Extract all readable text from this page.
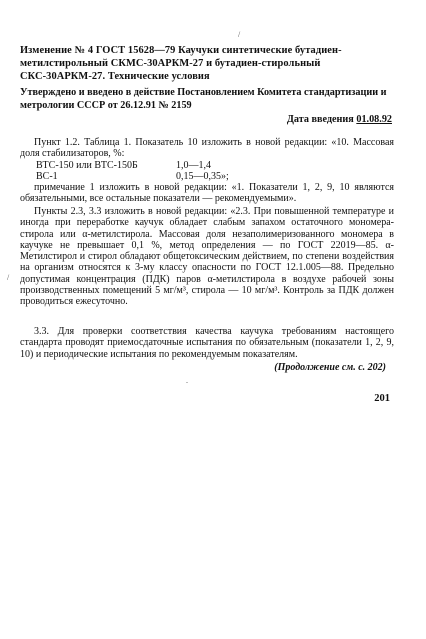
/
Изменение № 4 ГОСТ 15628—79 Каучуки синтетические бутадиен-метилстирольный СКМС-30АРКМ-27 и бутадиен-стирольный СКС-30АРКМ-27. Технические условия
Утверждено и введено в действие Постановлением Комитета стандартизации и метрологии СССР от 26.12.91 № 2159
Дата введения 01.08.92
Пункт 1.2. Таблица 1. Показатель 10 изложить в новой редакции: «10. Массовая доля стабилизаторов, %:
ВТС-150 или ВТС-150Б	1,0—1,4
ВС-1	0,15—0,35»;
примечание 1 изложить в новой редакции: «1. Показатели 1, 2, 9, 10 являются обязательными, все остальные показатели — рекомендуемыми».
Пункты 2.3, 3.3 изложить в новой редакции: «2.3. При повышенной температуре и иногда при переработке каучук обладает слабым запахом остаточного мономера-стирола или α-метилстирола. Массовая доля незаполимеризованного мономера в каучуке не превышает 0,1 %, метод определения — по ГОСТ 22019—85. α-Метилстирол и стирол обладают общетоксическим действием, по степени воздействия на организм относятся к 3-му классу опасности по ГОСТ 12.1.005—88. Предельно допустимая концентрация (ПДК) паров α-метилстирола в воздухе рабочей зоны производственных помещений 5 мг/м³, стирола — 10 мг/м³. Контроль за ПДК должен проводиться ежесуточно.
/
3.3. Для проверки соответствия качества каучука требованиям настоящего стандарта проводят приемосдаточные испытания по обязательным (показатели 1, 2, 9, 10) и периодические испытания по рекомендуемым показателям.
(Продолжение см. с. 202)
.
201
